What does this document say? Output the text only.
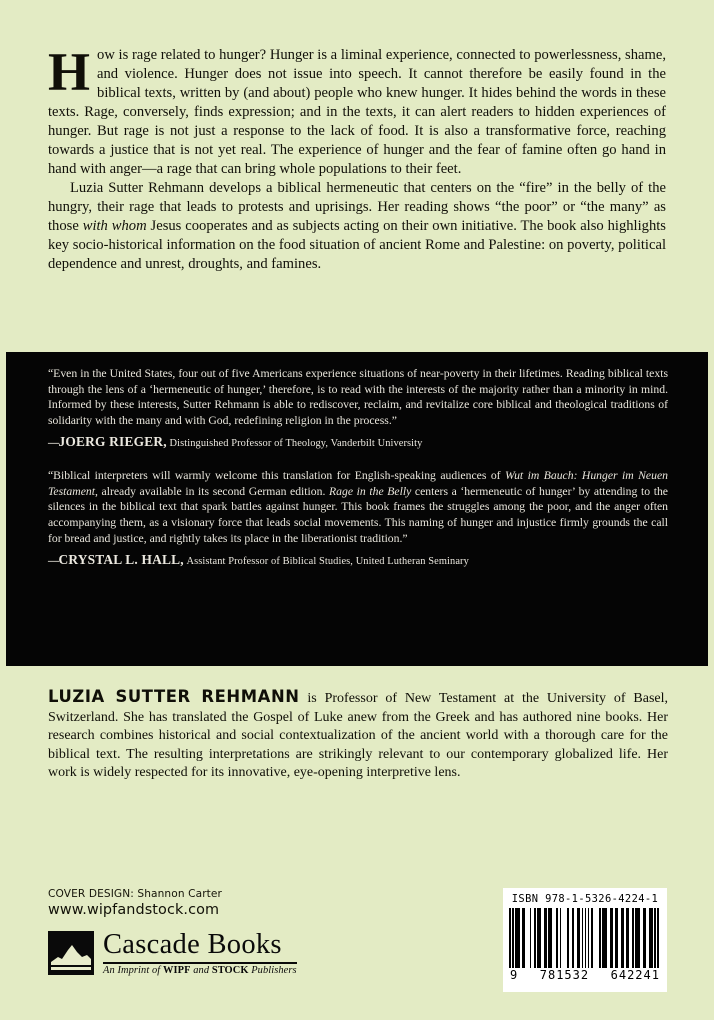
How is rage related to hunger? Hunger is a liminal experience, connected to powerlessness, shame, and violence. Hunger does not issue into speech. It cannot therefore be easily found in the biblical texts, written by (and about) people who knew hunger. It hides behind the words in these texts. Rage, conversely, finds expression; and in the texts, it can alert readers to hidden experiences of hunger. But rage is not just a response to the lack of food. It is also a transformative force, reaching towards a justice that is not yet real. The experience of hunger and the fear of famine often go hand in hand with anger—a rage that can bring whole populations to their feet.

Luzia Sutter Rehmann develops a biblical hermeneutic that centers on the “fire” in the belly of the hungry, their rage that leads to protests and uprisings. Her reading shows “the poor” or “the many” as those with whom Jesus cooperates and as subjects acting on their own initiative. The book also highlights key socio-historical information on the food situation of ancient Rome and Palestine: on poverty, political dependence and unrest, droughts, and famines.

“Even in the United States, four out of five Americans experience situations of near-poverty in their lifetimes. Reading biblical texts through the lens of a ‘hermeneutic of hunger,’ therefore, is to read with the interests of the majority rather than a minority in mind. Informed by these interests, Sutter Rehmann is able to rediscover, reclaim, and revitalize core biblical and theological traditions of solidarity with the many and with God, redefining religion in the process.”
—JOERG RIEGER, Distinguished Professor of Theology, Vanderbilt University
“Biblical interpreters will warmly welcome this translation for English-speaking audiences of Wut im Bauch: Hunger im Neuen Testament, already available in its second German edition. Rage in the Belly centers a ‘hermeneutic of hunger’ by attending to the silences in the biblical text that spark battles against hunger. This book frames the struggles among the poor, and the anger often accompanying them, as a visionary force that leads social movements. This naming of hunger and injustice firmly grounds the call for bread and justice, and rightly takes its place in the liberationist tradition.”
—CRYSTAL L. HALL, Assistant Professor of Biblical Studies, United Lutheran Seminary
LUZIA SUTTER REHMANN is Professor of New Testament at the University of Basel, Switzerland. She has translated the Gospel of Luke anew from the Greek and has authored nine books. Her research combines historical and social contextualization of the ancient world with a thorough care for the biblical text. The resulting interpretations are strikingly relevant to our contemporary globalized life. Her work is widely respected for its innovative, eye-opening interpretive lens.
COVER DESIGN: Shannon Carter
www.wipfandstock.com
Cascade Books
An Imprint of WIPF and STOCK Publishers
ISBN 978-1-5326-4224-1
9 781532 642241
